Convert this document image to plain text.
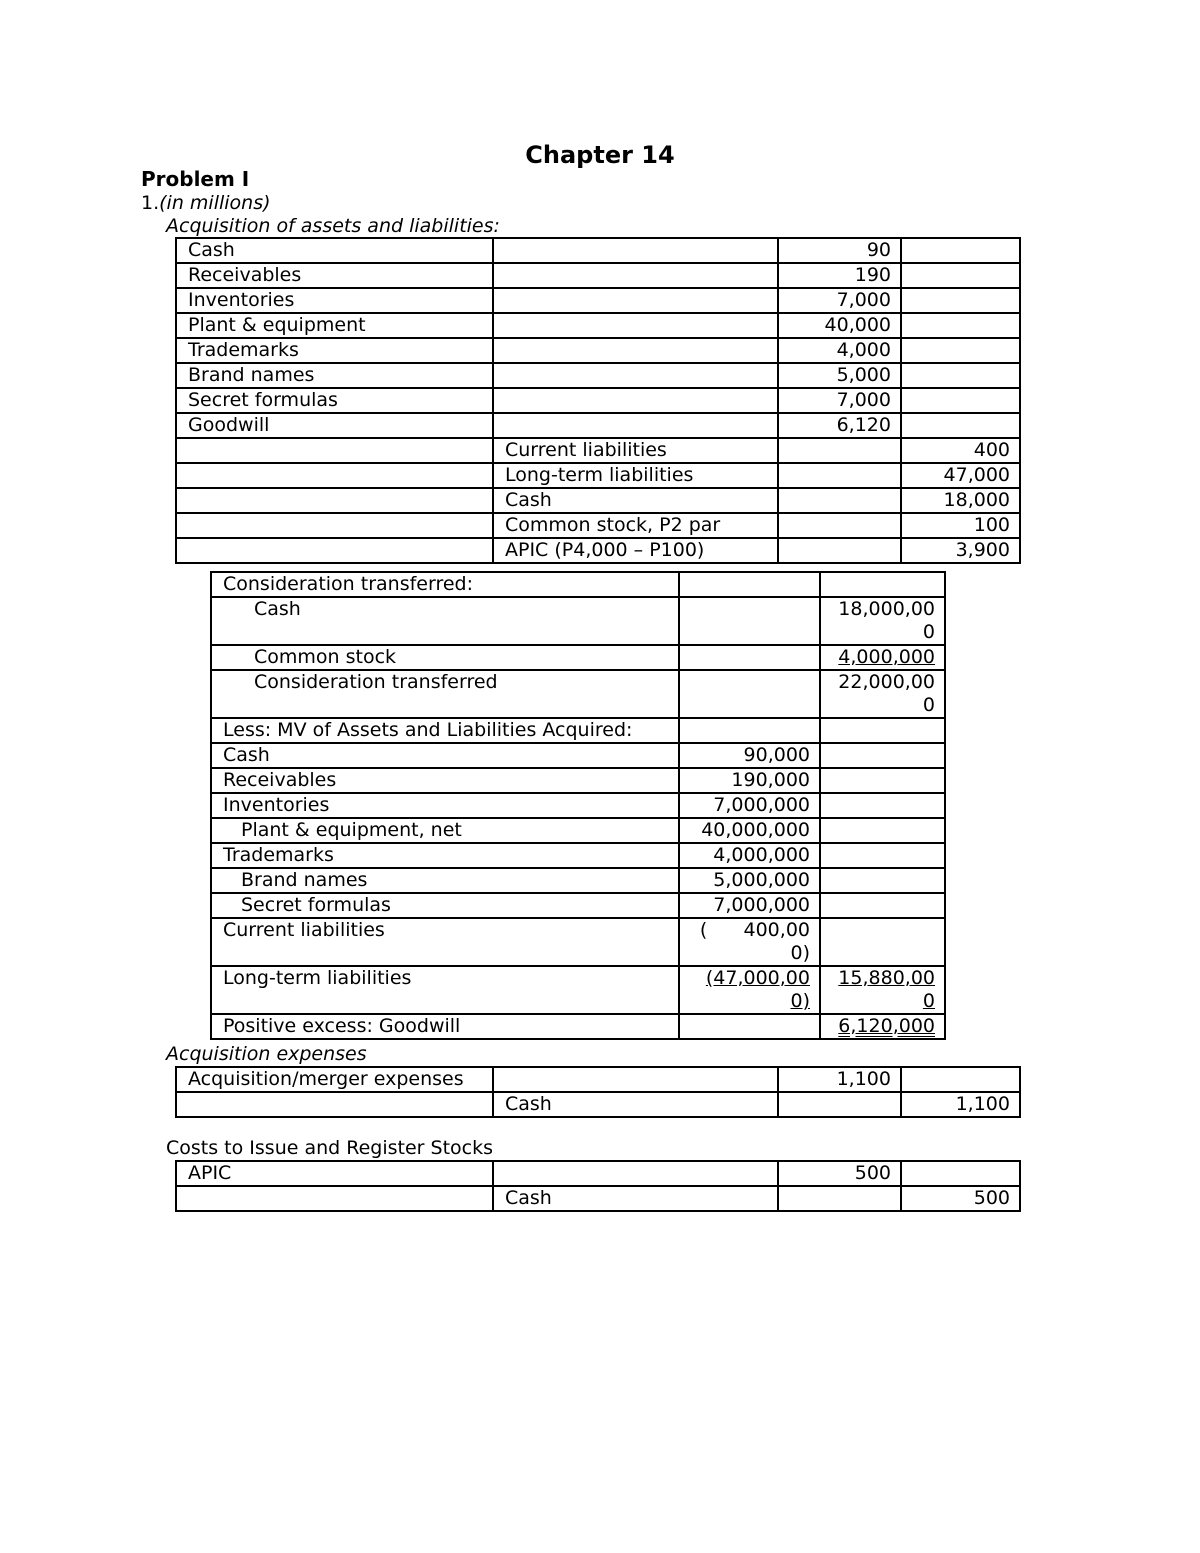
Chapter 14
Problem I
1.(in millions)
Acquisition of assets and liabilities:
Cash		90	
Receivables		190	
Inventories		7,000	
Plant & equipment		40,000	
Trademarks		4,000	
Brand names		5,000	
Secret formulas		7,000	
Goodwill		6,120	
	Current liabilities		400
	Long-term liabilities		47,000
	Cash		18,000
	Common stock, P2 par		100
	APIC (P4,000 – P100)		3,900
Consideration transferred:		
Cash		18,000,000
Common stock		4,000,000
Consideration transferred		22,000,000
Less: MV of Assets and Liabilities Acquired:		
Cash	90,000	
Receivables	190,000	
Inventories	7,000,000	
Plant & equipment, net	40,000,000	
Trademarks	4,000,000	
Brand names	5,000,000	
Secret formulas	7,000,000	
Current liabilities	(      400,000)	
Long-term liabilities	(47,000,000)	15,880,000
Positive excess: Goodwill		6,120,000
Acquisition expenses
Acquisition/merger expenses		1,100	
	Cash		1,100
Costs to Issue and Register Stocks
APIC		500	
	Cash		500
